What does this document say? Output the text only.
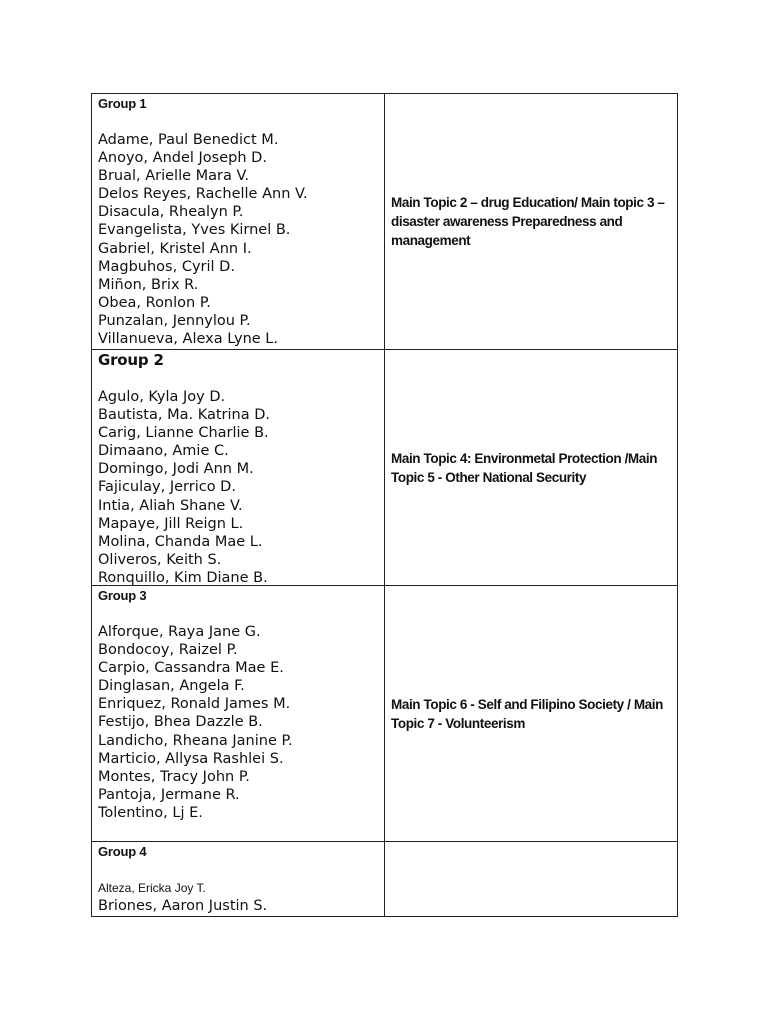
Group 1

Adame, Paul Benedict M.
Anoyo, Andel Joseph D.
Brual, Arielle Mara V.
Delos Reyes, Rachelle Ann V.
Disacula, Rhealyn P.
Evangelista, Yves Kirnel B.
Gabriel, Kristel Ann I.
Magbuhos, Cyril D.
Miñon, Brix R.
Obea, Ronlon P.
Punzalan, Jennylou P.
Villanueva, Alexa Lyne L.

Main Topic 2 – drug Education/ Main topic 3 – disaster awareness Preparedness and management

Group 2

Agulo, Kyla Joy D.
Bautista, Ma. Katrina D.
Carig, Lianne Charlie B.
Dimaano, Amie C.
Domingo, Jodi Ann M.
Fajiculay, Jerrico D.
Intia, Aliah Shane V.
Mapaye, Jill Reign L.
Molina, Chanda Mae L.
Oliveros, Keith S.
Ronquillo, Kim Diane B.

Main Topic 4: Environmetal Protection /Main Topic 5 - Other National Security

Group 3

Alforque, Raya Jane G.
Bondocoy, Raizel P.
Carpio, Cassandra Mae E.
Dinglasan, Angela F.
Enriquez, Ronald James M.
Festijo, Bhea Dazzle B.
Landicho, Rheana Janine P.
Marticio, Allysa Rashlei S.
Montes, Tracy John P.
Pantoja, Jermane R.
Tolentino, Lj E.

Main Topic 6 - Self and Filipino Society / Main Topic 7 - Volunteerism

Group 4

Alteza, Ericka Joy T.
Briones, Aaron Justin S.
